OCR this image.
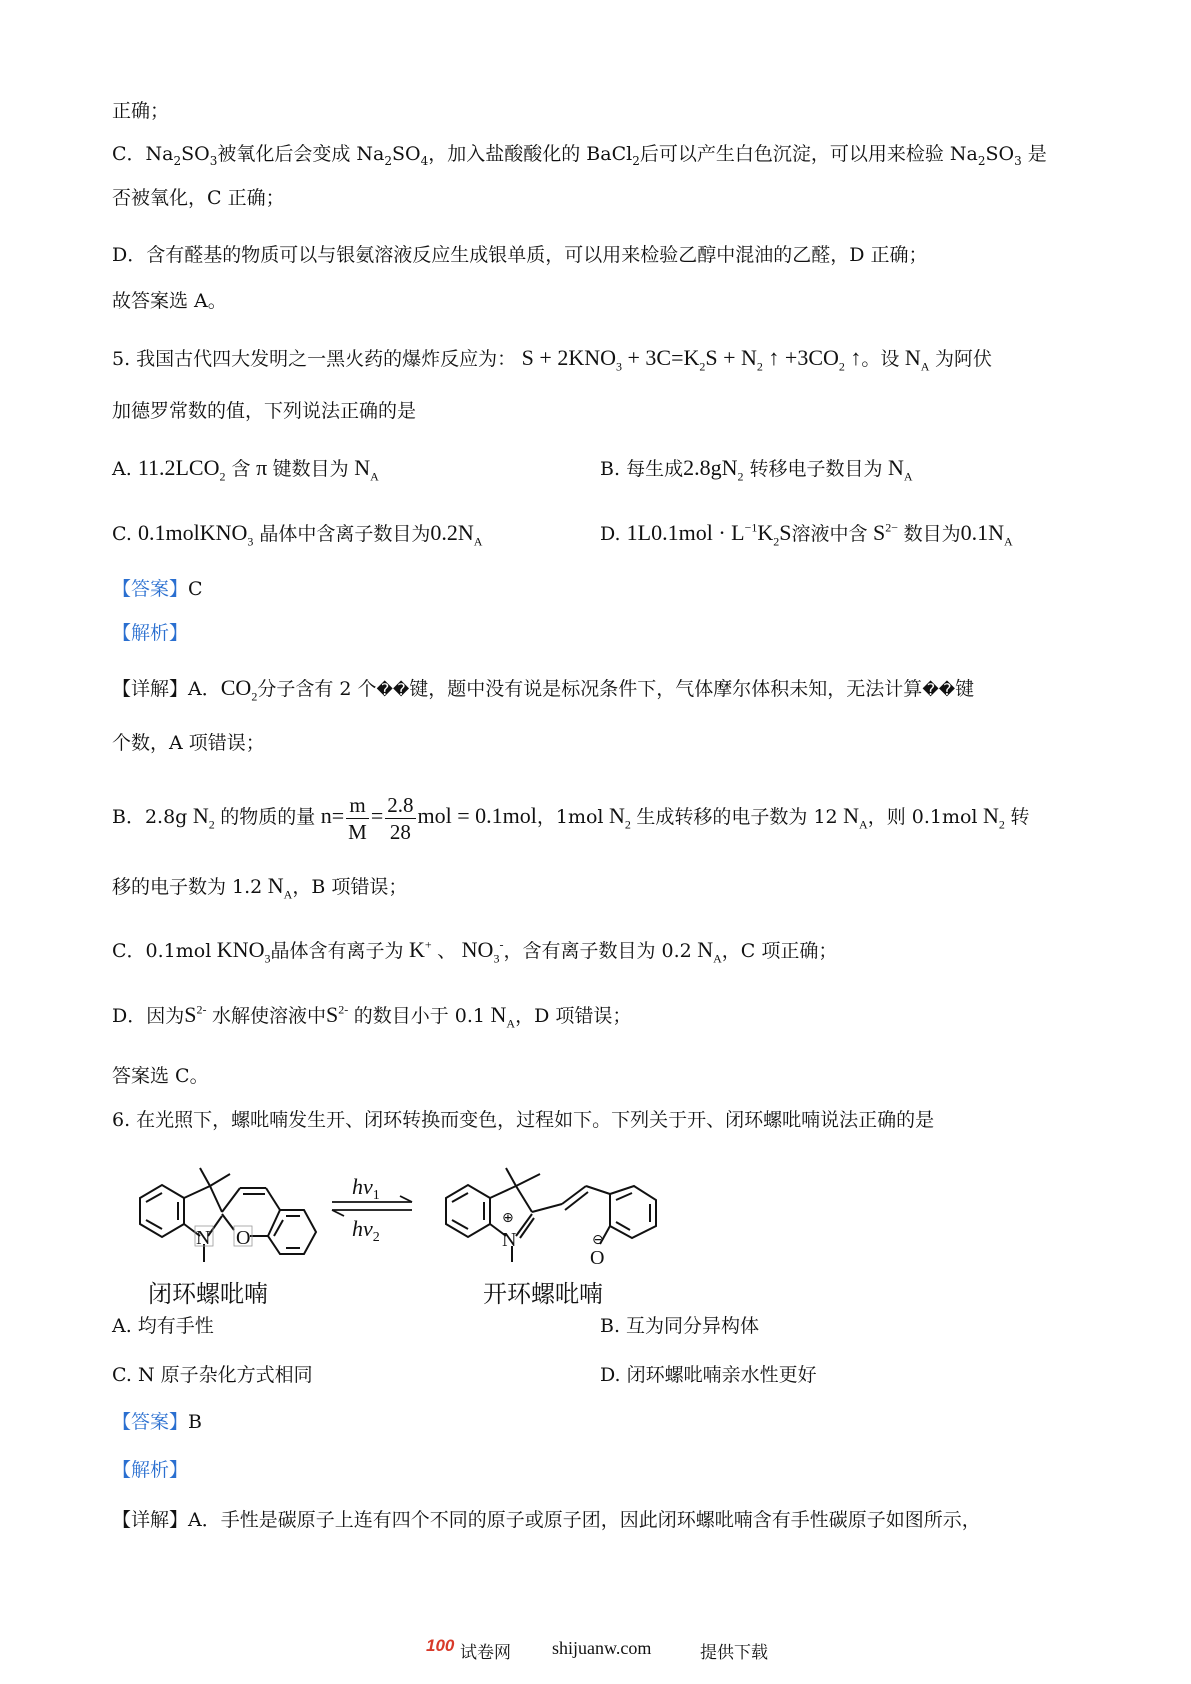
正确；
C．$Na_2SO_3$被氧化后会变成 $Na_2SO_4$，加入盐酸酸化的 BaCl$_2$后可以产生白色沉淀，可以用来检验 $Na_2SO_3$ 是
否被氧化，C 正确；
D．含有醛基的物质可以与银氨溶液反应生成银单质，可以用来检验乙醇中混油的乙醛，D 正确；
故答案选 A。
5. 我国古代四大发明之一黑火药的爆炸反应为： $S + 2KNO_3 + 3C=K_2S + N_2$ ↑ $+3CO_2$ ↑。设 $N_A$ 为阿伏
加德罗常数的值，下列说法正确的是
A. $11.2LCO_2$ 含 π 键数目为 $N_A$	B. 每生成$2.8gN_2$ 转移电子数目为 $N_A$
C. 0.1molKNO$_3$ 晶体中含离子数目为$0.2N_A$	D. $1L0.1mol \cdot L^{-1}K_2S$溶液中含 $S^{2-}$ 数目为$0.1N_A$
【答案】C
【解析】
【详解】A．$CO_2$分子含有 2 个��键，题中没有说是标况条件下，气体摩尔体积未知，无法计算��键
个数，A 项错误；
B．2.8g $N_2$ 的物质的量 $n= \frac{m}{M} = \frac{2.8}{28}$ mol = 0.1mol，1mol $N_2$ 生成转移的电子数为 12 $N_A$，则 0.1mol $N_2$ 转
移的电子数为 1.2 $N_A$，B 项错误；
C．0.1mol $KNO_3$晶体含有离子为 K+ 、 $NO_3^-$，含有离子数目为 0.2 $N_A$，C 项正确；
D．因为$S^{2-}$ 水解使溶液中$S^{2-}$ 的数目小于 0.1 $N_A$，D 项错误；
答案选 C。
6. 在光照下，螺吡喃发生开、闭环转换而变色，过程如下。下列关于开、闭环螺吡喃说法正确的是
N O
$hv_1$
$hv_2$	N
⊕
O
⊖
闭环螺吡喃	开环螺吡喃
A. 均有手性	B. 互为同分异构体
C. N 原子杂化方式相同	D. 闭环螺吡喃亲水性更好
【答案】B
【解析】
【详解】A．手性是碳原子上连有四个不同的原子或原子团，因此闭环螺吡喃含有手性碳原子如图所示，
100 试卷网 shijuanw.com	提供下载
